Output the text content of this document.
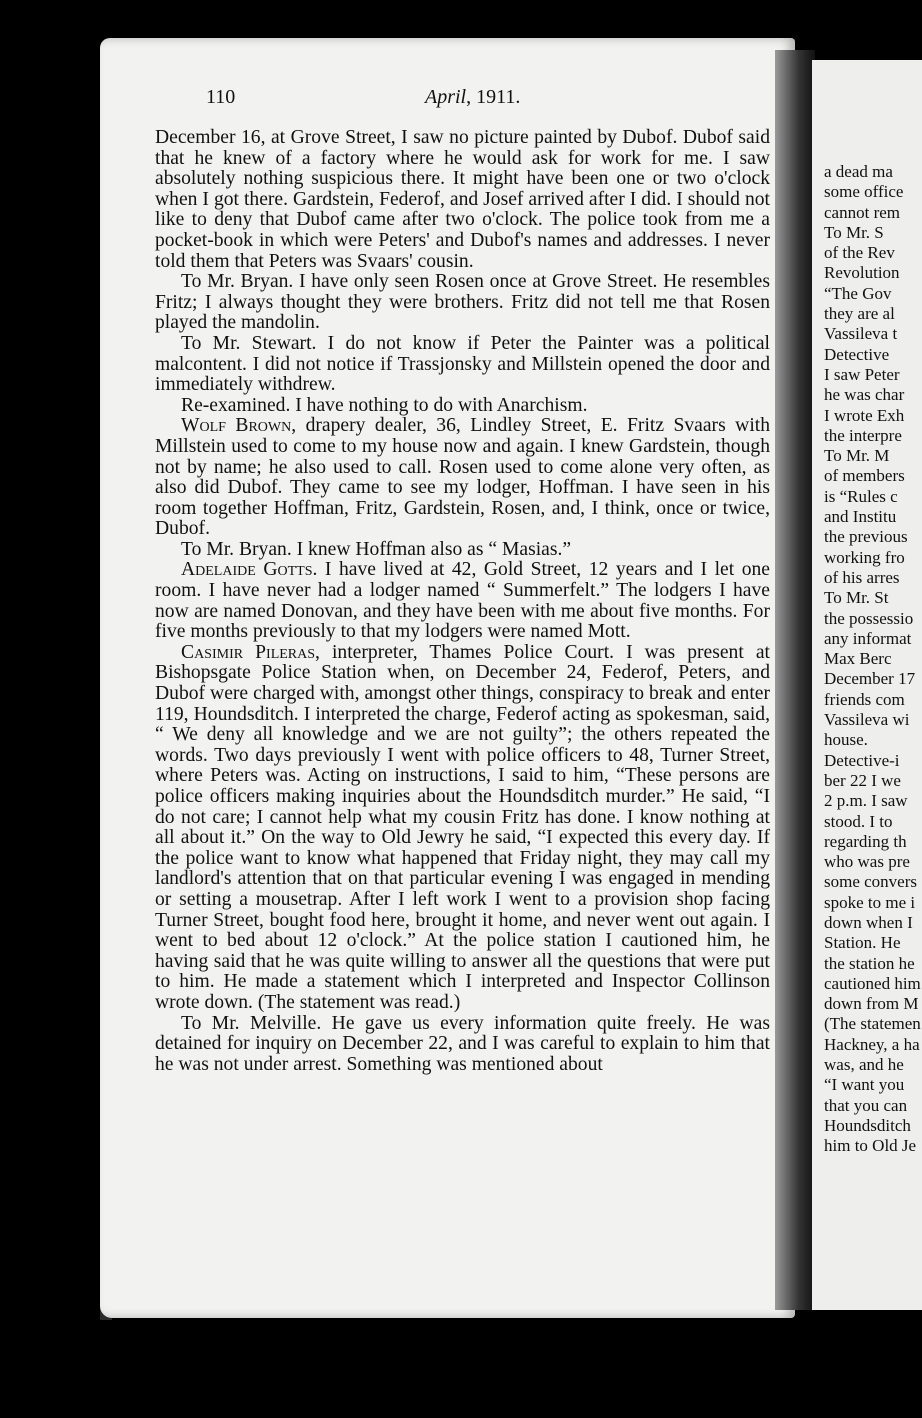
110	April, 1911.

December 16, at Grove Street, I saw no picture painted by Dubof. Dubof said that he knew of a factory where he would ask for work for me. I saw absolutely nothing suspicious there. It might have been one or two o'clock when I got there. Gardstein, Federof, and Josef arrived after I did. I should not like to deny that Dubof came after two o'clock. The police took from me a pocket-book in which were Peters' and Dubof's names and addresses. I never told them that Peters was Svaars' cousin.

To Mr. Bryan. I have only seen Rosen once at Grove Street. He resembles Fritz; I always thought they were brothers. Fritz did not tell me that Rosen played the mandolin.

To Mr. Stewart. I do not know if Peter the Painter was a political malcontent. I did not notice if Trassjonsky and Millstein opened the door and immediately withdrew.

Re-examined. I have nothing to do with Anarchism.

Wolf Brown, drapery dealer, 36, Lindley Street, E. Fritz Svaars with Millstein used to come to my house now and again. I knew Gardstein, though not by name; he also used to call. Rosen used to come alone very often, as also did Dubof. They came to see my lodger, Hoffman. I have seen in his room together Hoffman, Fritz, Gardstein, Rosen, and, I think, once or twice, Dubof.

To Mr. Bryan. I knew Hoffman also as “ Masias.”

Adelaide Gotts. I have lived at 42, Gold Street, 12 years and I let one room. I have never had a lodger named “ Summerfelt.” The lodgers I have now are named Donovan, and they have been with me about five months. For five months previously to that my lodgers were named Mott.

Casimir Pileras, interpreter, Thames Police Court. I was present at Bishopsgate Police Station when, on December 24, Federof, Peters, and Dubof were charged with, amongst other things, conspiracy to break and enter 119, Houndsditch. I interpreted the charge, Federof acting as spokesman, said, “ We deny all knowledge and we are not guilty”; the others repeated the words. Two days previously I went with police officers to 48, Turner Street, where Peters was. Acting on instructions, I said to him, “These persons are police officers making inquiries about the Houndsditch murder.” He said, “I do not care; I cannot help what my cousin Fritz has done. I know nothing at all about it.” On the way to Old Jewry he said, “I expected this every day. If the police want to know what happened that Friday night, they may call my landlord's attention that on that particular evening I was engaged in mending or setting a mousetrap. After I left work I went to a provision shop facing Turner Street, bought food here, brought it home, and never went out again. I went to bed about 12 o'clock.” At the police station I cautioned him, he having said that he was quite willing to answer all the questions that were put to him. He made a statement which I interpreted and Inspector Collinson wrote down. (The statement was read.)

To Mr. Melville. He gave us every information quite freely. He was detained for inquiry on December 22, and I was careful to explain to him that he was not under arrest. Something was mentioned about

a dead ma
some office
cannot rem
To Mr. S
of the Rev
Revolution
“The Gov
they are al
Vassileva t
Detective
I saw Peter
he was char
I wrote Exh
the interpre
To Mr. M
of members
is “Rules c
and Institu
the previous
working fro
of his arres
To Mr. St
the possessio
any informat
Max Berc
December 17
friends com
Vassileva wi
house.
Detective-i
ber 22 I we
2 p.m. I saw
stood. I to
regarding th
who was pre
some convers
spoke to me i
down when I
Station. He
the station he
cautioned him
down from M
(The statemen
Hackney, a ha
was, and he
“I want you
that you can
Houndsditch
him to Old Je
